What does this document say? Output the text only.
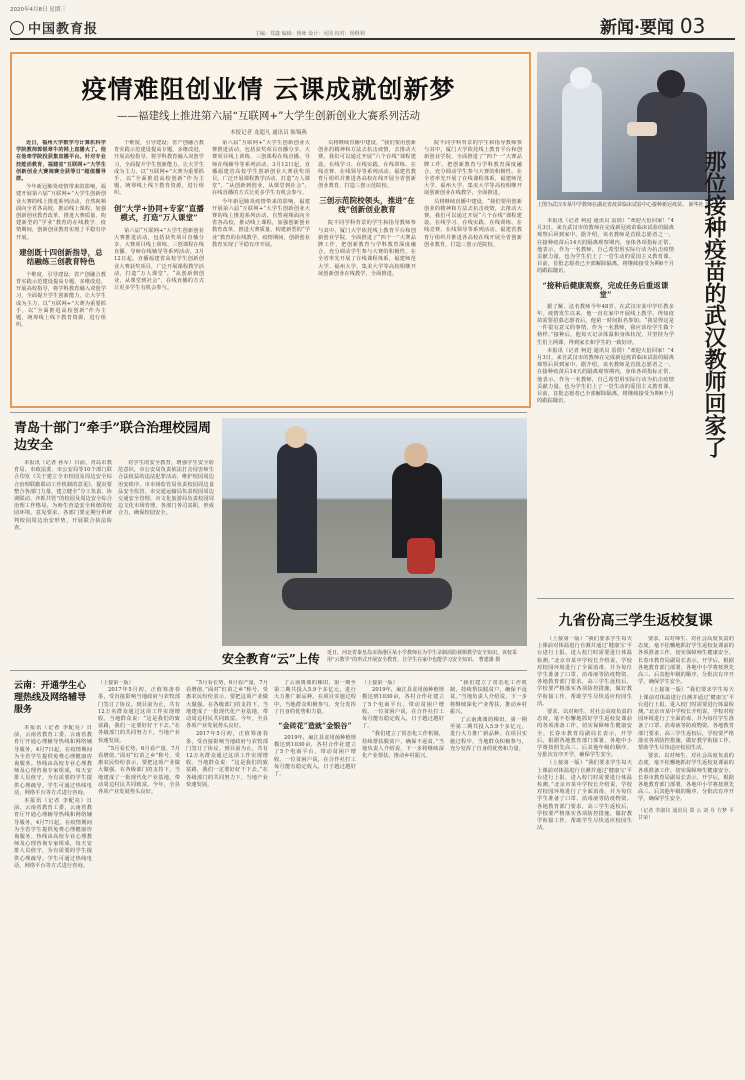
2020年4月8日 星期三
中国教育报	主编：郑鑫 编辑：杨咏 设计：吴国 校对：杨继利	新闻·要闻 03
疫情难阻创业情 云课成就创新梦
——福建线上推进第六届“互联网+”大学生创新创业大赛系列活动
本报记者 龙超凡 通讯员 陈锡燕

近日，福州大学数学与计算机科学学院教师郭银章牛的网上直播火了。他在他牵学院投获集直播平台。针对专业技能活教育，福建省“互联网+”大学生创新创业大赛闽赛全获等日“超值播导群。

今年新冠肺炎疫情带来的影响，福建开展第六届“互联网+”大学生创新创业大赛的线上推进系列活动，自然视频面向全省各高校，推动线上课程，加强创新创业教育改革，推进大赛质量，构建新型的“学业”教育的在线教学，疫情期间，创新创业教育实现了平稳有序开展。

建创既十四创新指导，总结融练三创教育特色

个维度，引导建设；省产创融合教育实践示范建设提高专题，多维改进，开展高校指导，将学科教育融入双创学习，全面提升学生创新能力，让大学生成为主力，以“互联网+”大赛为重要抓手，以“全面推进高校创新”作为主题，统筹线上线下教育资源，进行组织。

个维度，引导建设；省产创融合教育实践示范建设提高专题，多维改进，开展高校指导，将学科教育融入双创学习，全面提升学生创新能力，让大学生成为主力，以“互联网+”大赛为重要抓手，以“全面推进高校创新”作为主题，统筹线上线下教育资源，进行组织。

创“大学+协同+专家”直播模式，打造“万人课堂”

第六届“互联网+”大学生创新创业大赛推进活动，包括获奖项目直播分享、大赛项目线上训练、三创课程在线直播、导师在线辅导等系列活动。3月12日起，直播福建省高校学生创新创业大赛获奖项目，广泛开展课程教学活动，打造“万人课堂”。“从创新到创业，从课堂到社会”，在线直播的方式让更多学生有机会参与。

第六届“互联网+”大学生创新创业大赛推进活动，包括获奖项目直播分享、大赛项目线上训练、三创课程在线直播、导师在线辅导等系列活动。3月12日起，直播福建省高校学生创新创业大赛获奖项目，广泛开展课程教学活动，打造“万人课堂”。“从创新到创业，从课堂到社会”，在线直播的方式让更多学生有机会参与。

今年新冠肺炎疫情带来的影响，福建开展第六届“互联网+”大学生创新创业大赛的线上推进系列活动，自然视频面向全省各高校，推动线上课程，加强创新创业教育改革，推进大赛质量，构建新型的“学业”教育的在线教学，疫情期间，创新创业教育实现了平稳有序开展。

员将继续直播中建设，“我们要用创新创业的精神和方法去抗击疫情，去推动大赛。我们可以通过开展“六个在线”课程建设。在线学习、在线实践、在线训练、在线竞赛、在线领导等系列活动。福建省教育厅组织并推进各高校在线开展全省创新创业教育，打造三创示范院校。

三创示范院校领头，推进“在线”创新创业教育

院不同学科背景的学生和指导教师参与其中。厦门大学依托线上教育平台和创新创业学院，全面推进了“四个一”大赛品牌工作，把创新教育与学科教育深度融合，充分调动学生参与大赛的积极性，在全省率先开展了在线课程体系，福建师范大学、福州大学、集美大学等高校相继开展创新创业在线教学，全面推进。

院不同学科背景的学生和指导教师参与其中。厦门大学依托线上教育平台和创新创业学院，全面推进了“四个一”大赛品牌工作，把创新教育与学科教育深度融合，充分调动学生参与大赛的积极性，在全省率先开展了在线课程体系，福建师范大学、福州大学、集美大学等高校相继开展创新创业在线教学，全面推进。

员将继续直播中建设，“我们要用创新创业的精神和方法去抗击疫情，去推动大赛。我们可以通过开展“六个在线”课程建设。在线学习、在线实践、在线训练、在线竞赛、在线领导等系列活动。福建省教育厅组织并推进各高校在线开展全省创新创业教育，打造三创示范院校。

上图为武汉市某中学教师在湖北省疫苗临床试验中心接种新冠疫苗。 新华社 发

本报讯（记者 柯进 通讯员 雷倩）“欢迎大伯回家！”4月3日，来自武汉市的教师在完成新冠疫苗临床试验的隔离观察后回到家中。据介绍，该名教师是首批志愿者之一，在接种疫苗后14天的隔离观察期内，身体各项指标正常。他表示，作为一名教师，自己希望用实际行动为抗击疫情贡献力量，也为学生们上了一堂生动的爱国主义教育课。目前，首批志愿者已全部解除隔离，将继续接受为期6个月的跟踪随访。

“接种后健康观察，完成任务后重返课堂”

据了解，这名教师今年48岁，在武汉市某中学任教多年。疫情发生以来，他一直在家中开展线上教学。得知疫苗需要招募志愿者后，他第一时间报名参加。“我觉得这是一件很有意义的事情，作为一名教师，我应该给学生做个榜样。”接种后，他每天记录体温和身体状况，并坚持为学生们上网课，得到家长和学生的一致好评。

本报讯（记者 柯进 通讯员 雷倩）“欢迎大伯回家！”4月3日，来自武汉市的教师在完成新冠疫苗临床试验的隔离观察后回到家中。据介绍，该名教师是首批志愿者之一，在接种疫苗后14天的隔离观察期内，身体各项指标正常。他表示，作为一名教师，自己希望用实际行动为抗击疫情贡献力量，也为学生们上了一堂生动的爱国主义教育课。目前，首批志愿者已全部解除隔离，将继续接受为期6个月的跟踪随访。	那位接种疫苗的武汉教师回家了
青岛十部门“牵手”联合治理校园周边安全

本报讯（记者 孙军）日前，青岛市教育局、市政法委、市公安局等10个部门联合印发《关于建立全市校园及周边安全综合治理联勤联动工作机制的意见》，提出要整合各部门力量，建立健全“分工负责、协调联动、齐抓共管”的校园及周边安全综合治理工作格局，为师生营造安全和谐的校园环境。意见要求，各部门要定期分析研判校园周边治安形势，开展联合执法检查。

对学生的安全教育，增强学生安全防范意识，市公安局负责依法打击侵害师生合法权益的违法犯罪活动，维护校园周边治安秩序，市市场监管局负责校园周边食品安全监管，市交通运输局负责校园周边交通安全管理，市文化旅游局负责校园周边文化市场管理，各部门各司其职，形成合力，确保校园安全。

安全教育“云”上传	近日，河北省秦皇岛市海港区某小学教师在为学生录制消防视频教学安全知识。该校采用“云教学”的形式开展安全教育，让学生在家中也能学习安全知识。 曹建雄 摄
九省份高三学生返校复课

（上接第一版）“我们要求学生每天上课前对体温进行自测并通过‘健康宝’平台进行上报。进入校门时需要进行体温检测。”北京市某中学校长介绍说，学校对校园环境进行了全面消毒，并为每位学生准备了口罩、消毒液等防疫物资。各地教育部门要求，高三学生返校后，学校要严格落实各项防控措施，做好教学衔接工作，帮助学生尽快适应校园生活。

要求，以对师生、对社会高度负责的态度，毫不松懈地抓好学生返校复课前的各项准备工作，切实保障师生健康安全。长春市教育局副局长表示，开学后，根据各地教育部门部署，各地中小学将按照先高三、后其他年级的顺序，分批次有序开学，确保学生安全。

（上接第一版）“我们要求学生每天上课前对体温进行自测并通过‘健康宝’平台进行上报。进入校门时需要进行体温检测。”北京市某中学校长介绍说，学校对校园环境进行了全面消毒，并为每位学生准备了口罩、消毒液等防疫物资。各地教育部门要求，高三学生返校后，学校要严格落实各项防控措施，做好教学衔接工作，帮助学生尽快适应校园生活。

要求，以对师生、对社会高度负责的态度，毫不松懈地抓好学生返校复课前的各项准备工作，切实保障师生健康安全。长春市教育局副局长表示，开学后，根据各地教育部门部署，各地中小学将按照先高三、后其他年级的顺序，分批次有序开学，确保学生安全。

（上接第一版）“我们要求学生每天上课前对体温进行自测并通过‘健康宝’平台进行上报。进入校门时需要进行体温检测。”北京市某中学校长介绍说，学校对校园环境进行了全面消毒，并为每位学生准备了口罩、消毒液等防疫物资。各地教育部门要求，高三学生返校后，学校要严格落实各项防控措施，做好教学衔接工作，帮助学生尽快适应校园生活。

要求，以对师生、对社会高度负责的态度，毫不松懈地抓好学生返校复课前的各项准备工作，切实保障师生健康安全。长春市教育局副局长表示，开学后，根据各地教育部门部署，各地中小学将按照先高三、后其他年级的顺序，分批次有序开学，确保学生安全。

（记者 李淑仪 通讯员 郑 云 刘 丹 方梦 平 甘荣）
云南：开通学生心理热线及网络辅导服务

本报讯（记者 李配亮）日前，云南省教育工委、云南省教育厅开通心理辅导热线和网络辅导服务，4月7日起，在疫情期间为全省学生提供免费心理健康咨询服务。热线由高校专业心理教师及心理咨询专家组成，每天安排人员值守，为有需要的学生提供心理疏导。学生可通过热线电话、网络平台等方式进行咨询。

本报讯（记者 李配亮）日前，云南省教育工委、云南省教育厅开通心理辅导热线和网络辅导服务，4月7日起，在疫情期间为全省学生提供免费心理健康咨询服务。热线由高校专业心理教师及心理咨询专家组成，每天安排人员值守，为有需要的学生提供心理疏导。学生可通过热线电话、网络平台等方式进行咨询。

（上接第一版）

2017年5月初，正值筹备春茶，受直接影响当地政府与农牧部门签订了协议。到目前为止，共有12万名群众通过这项工作实现增收。当地群众说：“这是我们的致富路，我们一定要好好干下去。”在各级部门的共同努力下，当地产业快速发展。

“5月看长势，6月看产量，7月看增值。”面对“红苗之乡”称号，受惠农民纷纷表示，要把这项产业做大做强。在各级部门的支持下，当地建成了一批现代化产业基地，带动周边村民共同致富。今年，全县各项产业发展势头良好。

“5月看长势，6月看产量，7月看增值。”面对“红苗之乡”称号，受惠农民纷纷表示，要把这项产业做大做强。在各级部门的支持下，当地建成了一批现代化产业基地，带动周边村民共同致富。今年，全县各项产业发展势头良好。

2017年5月初，正值筹备春茶，受直接影响当地政府与农牧部门签订了协议。到目前为止，共有12万名群众通过这项工作实现增收。当地群众说：“这是我们的致富路，我们一定要好好干下去。”在各级部门的共同努力下，当地产业快速发展。

了云南离离的梯田，第一期至第二期共投入5.9个多亿元，进行大力推广新品种。在项目实施过程中，当地群众积极参与，充分发挥了自身的优势和力量。

“金砖花”造就“金银谷”

2019年，麻江县食用菌种植规模达到1030亩，各村合作社建立了5个电商平台，带动贫困户增收。一位贫困户说，在合作社打工每月能有稳定收入，日子越过越好了。

（上接第一版）

2019年，麻江县食用菌种植规模达到1030亩，各村合作社建立了5个电商平台，带动贫困户增收。一位贫困户说，在合作社打工每月能有稳定收入，日子越过越好了。

“我们建立了常态化工作机制，持续帮扶脱贫户，确保不返贫。”当地负责人介绍说，下一步将继续深化产业帮扶，推动乡村振兴。

“我们建立了常态化工作机制，持续帮扶脱贫户，确保不返贫。”当地负责人介绍说，下一步将继续深化产业帮扶，推动乡村振兴。

了云南离离的梯田，第一期至第二期共投入5.9个多亿元，进行大力推广新品种。在项目实施过程中，当地群众积极参与，充分发挥了自身的优势和力量。
